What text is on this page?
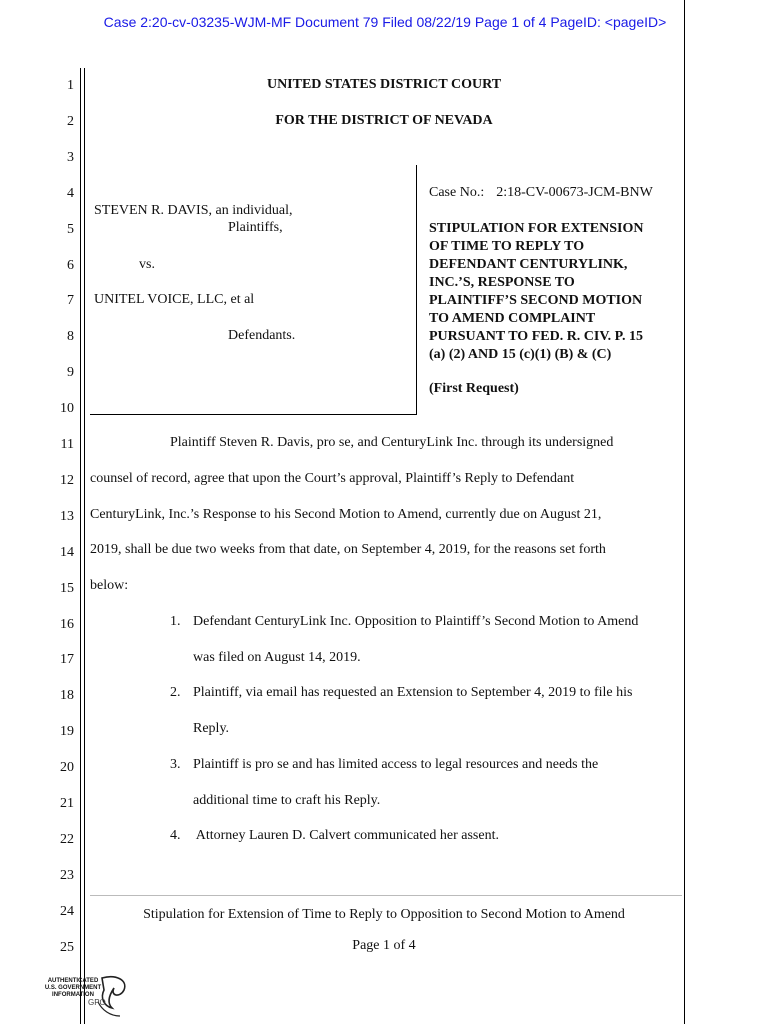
Case 2:20-cv-03235-WJM-MF Document 79 Filed 08/22/19 Page 1 of 4 PageID: <pageID>
1
2
3
4
5
6
7
8
9
10
11
12
13
14
15
16
17
18
19
20
21
22
23
24
25
UNITED STATES DISTRICT COURT
FOR THE DISTRICT OF NEVADA
STEVEN R. DAVIS, an individual,
Plaintiffs,
vs.
UNITEL VOICE, LLC, et al
Defendants.
Case No.: 2:18-CV-00673-JCM-BNW
STIPULATION FOR EXTENSION
OF TIME TO REPLY TO
DEFENDANT CENTURYLINK,
INC.’S, RESPONSE TO
PLAINTIFF’S SECOND MOTION
TO AMEND COMPLAINT
PURSUANT TO FED. R. CIV. P. 15
(a) (2) AND 15 (c)(1) (B) & (C)
(First Request)
Plaintiff Steven R. Davis, pro se, and CenturyLink Inc. through its undersigned
counsel of record, agree that upon the Court’s approval, Plaintiff’s Reply to Defendant
CenturyLink, Inc.’s Response to his Second Motion to Amend, currently due on August 21,
2019, shall be due two weeks from that date, on September 4, 2019, for the reasons set forth
below:
1. Defendant CenturyLink Inc. Opposition to Plaintiff’s Second Motion to Amend
was filed on August 14, 2019.
2. Plaintiff, via email has requested an Extension to September 4, 2019 to file his
Reply.
3. Plaintiff is pro se and has limited access to legal resources and needs the
additional time to craft his Reply.
4. Attorney Lauren D. Calvert communicated her assent.
Stipulation for Extension of Time to Reply to Opposition to Second Motion to Amend
Page 1 of 4
AUTHENTICATED
U.S. GOVERNMENT
INFORMATION
GPO
